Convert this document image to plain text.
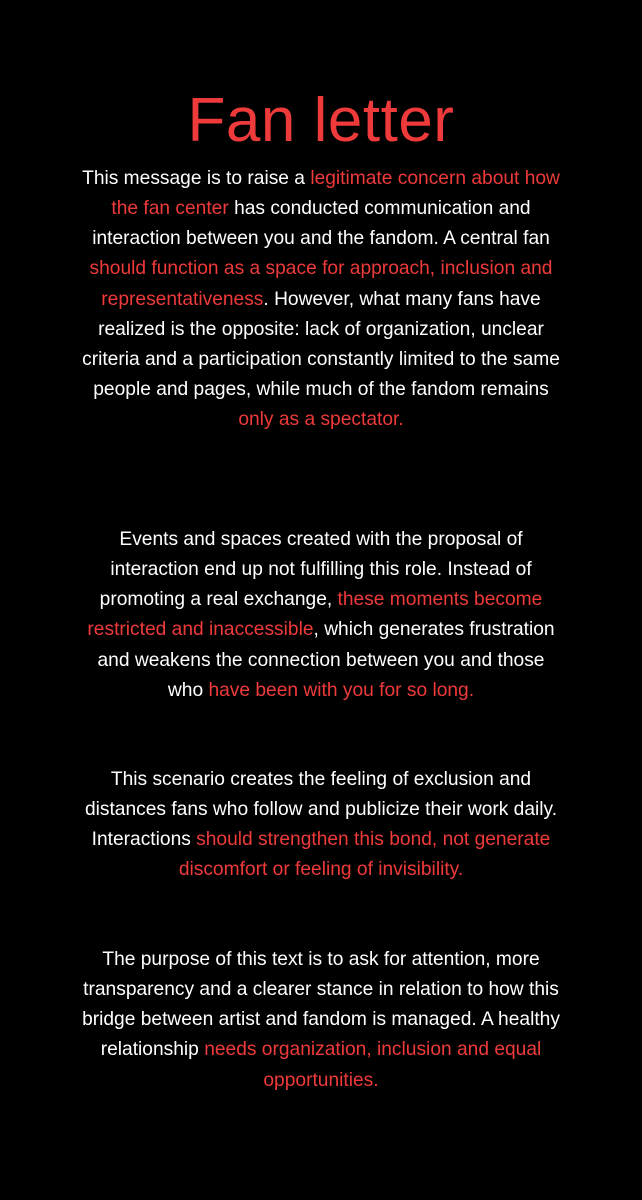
Fan letter

This message is to raise a legitimate concern about how the fan center has conducted communication and interaction between you and the fandom. A central fan should function as a space for approach, inclusion and representativeness. However, what many fans have realized is the opposite: lack of organization, unclear criteria and a participation constantly limited to the same people and pages, while much of the fandom remains only as a spectator.

Events and spaces created with the proposal of interaction end up not fulfilling this role. Instead of promoting a real exchange, these moments become restricted and inaccessible, which generates frustration and weakens the connection between you and those who have been with you for so long.

This scenario creates the feeling of exclusion and distances fans who follow and publicize their work daily. Interactions should strengthen this bond, not generate discomfort or feeling of invisibility.

The purpose of this text is to ask for attention, more transparency and a clearer stance in relation to how this bridge between artist and fandom is managed. A healthy relationship needs organization, inclusion and equal opportunities.
